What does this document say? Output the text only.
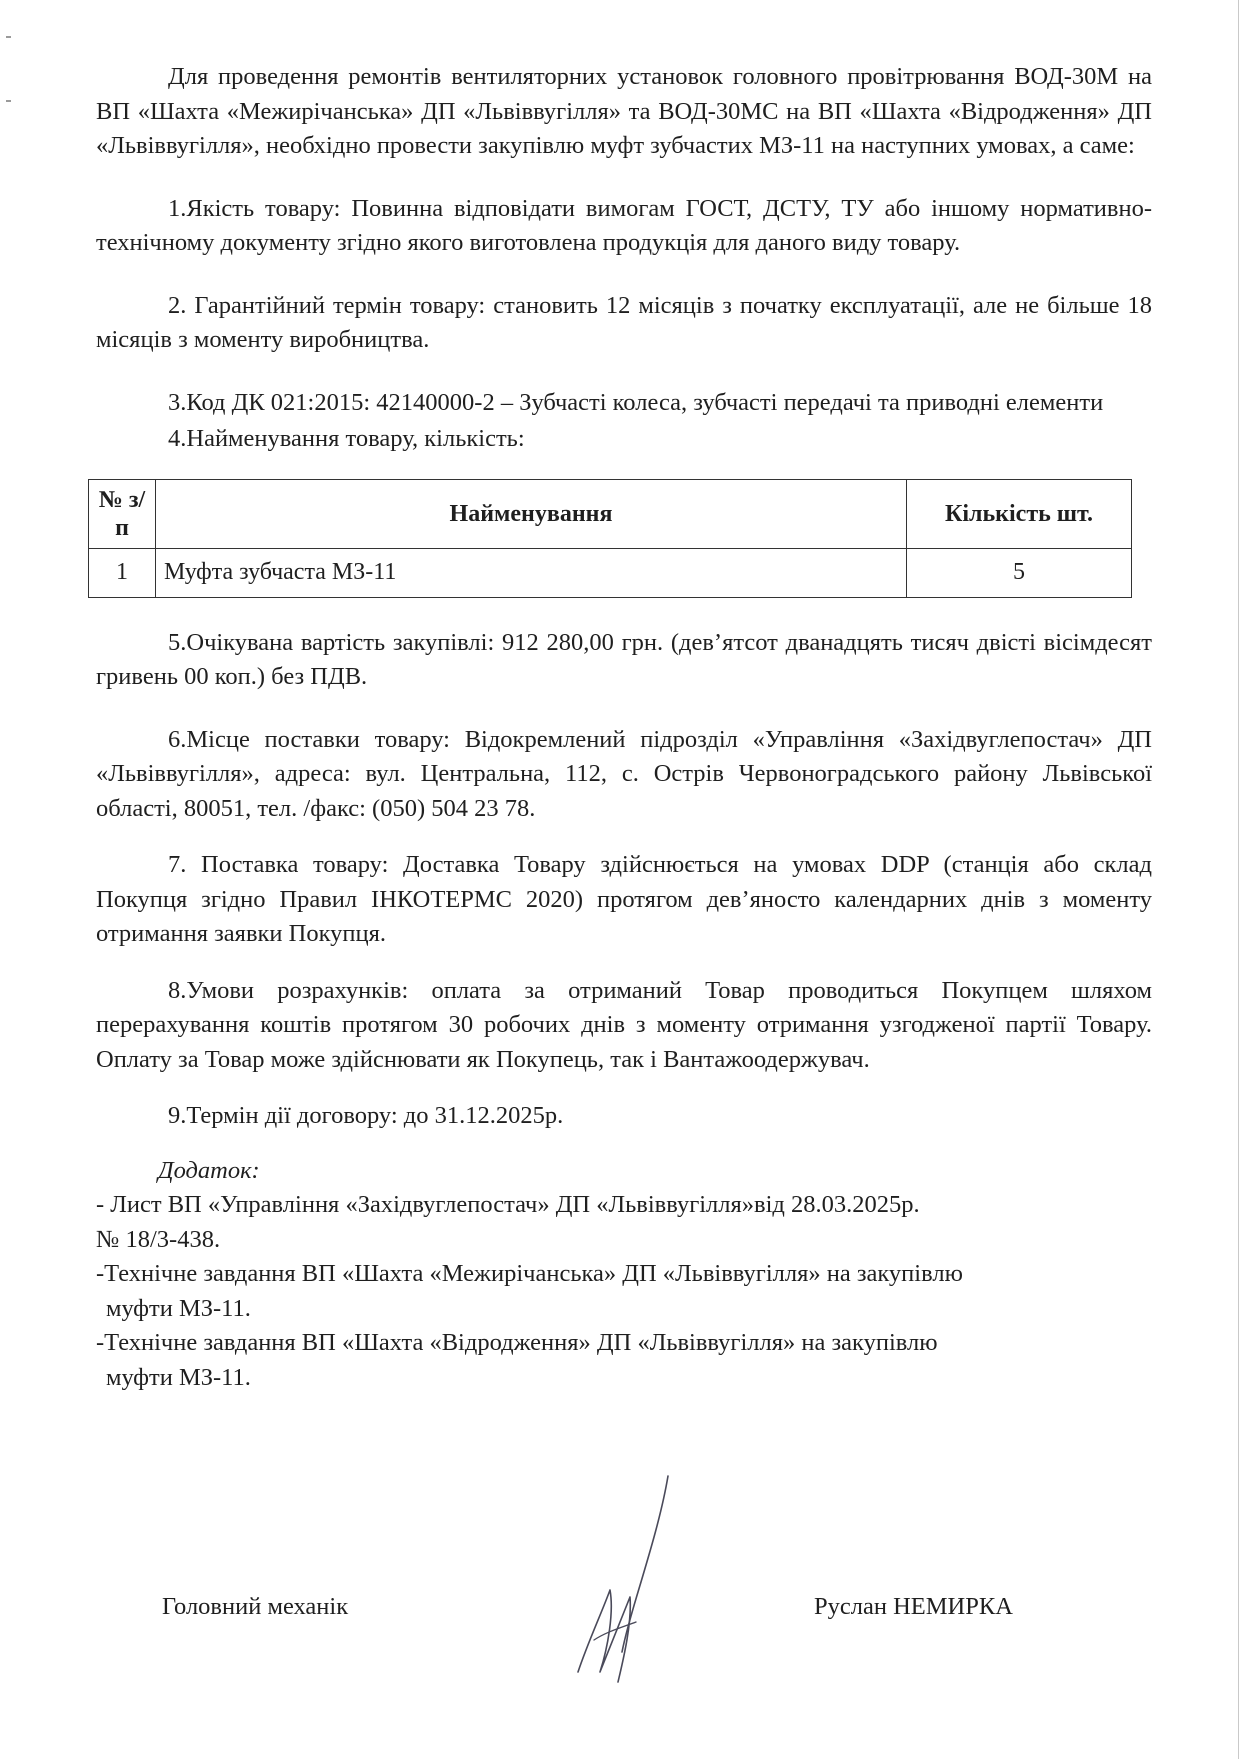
Для проведення ремонтів вентиляторних установок головного провітрювання ВОД-30М на ВП «Шахта «Межирічанська» ДП «Львіввугілля» та ВОД-30МС на ВП «Шахта «Відродження» ДП «Львіввугілля», необхідно провести закупівлю муфт зубчастих МЗ-11 на наступних умовах, а саме:

1.Якість товару: Повинна відповідати вимогам ГОСТ, ДСТУ, ТУ або іншому нормативно-технічному документу згідно якого виготовлена продукція для даного виду товару.

2. Гарантійний термін товару: становить 12 місяців з початку експлуатації, але не більше 18 місяців з моменту виробництва.

3.Код ДК 021:2015: 42140000-2 – Зубчасті колеса, зубчасті передачі та приводні елементи

4.Найменування товару, кількість:

№ з/п	Найменування	Кількість шт.
1	Муфта зубчаста МЗ-11	5

5.Очікувана вартість закупівлі: 912 280,00 грн. (дев’ятсот дванадцять тисяч двісті вісімдесят гривень 00 коп.) без ПДВ.

6.Місце поставки товару: Відокремлений підрозділ «Управління «Західвуглепостач» ДП «Львіввугілля», адреса: вул. Центральна, 112, с. Острів Червоноградського району Львівської області, 80051, тел. /факс: (050) 504 23 78.

7. Поставка товару: Доставка Товару здійснюється на умовах DDP (станція або склад Покупця згідно Правил ІНКОТЕРМС 2020) протягом дев’яносто календарних днів з моменту отримання заявки Покупця.

8.Умови розрахунків: оплата за отриманий Товар проводиться Покупцем шляхом перерахування коштів протягом 30 робочих днів з моменту отримання узгодженої партії Товару. Оплату за Товар може здійснювати як Покупець, так і Вантажоодержувач.

9.Термін дії договору: до 31.12.2025р.

Додаток:
- Лист ВП «Управління «Західвуглепостач» ДП «Львіввугілля»від 28.03.2025р.
№ 18/3-438.
-Технічне завдання ВП «Шахта «Межирічанська» ДП «Львіввугілля» на закупівлю
муфти МЗ-11.
-Технічне завдання ВП «Шахта «Відродження» ДП «Львіввугілля» на закупівлю
муфти МЗ-11.
Головний механік	Руслан НЕМИРКА
